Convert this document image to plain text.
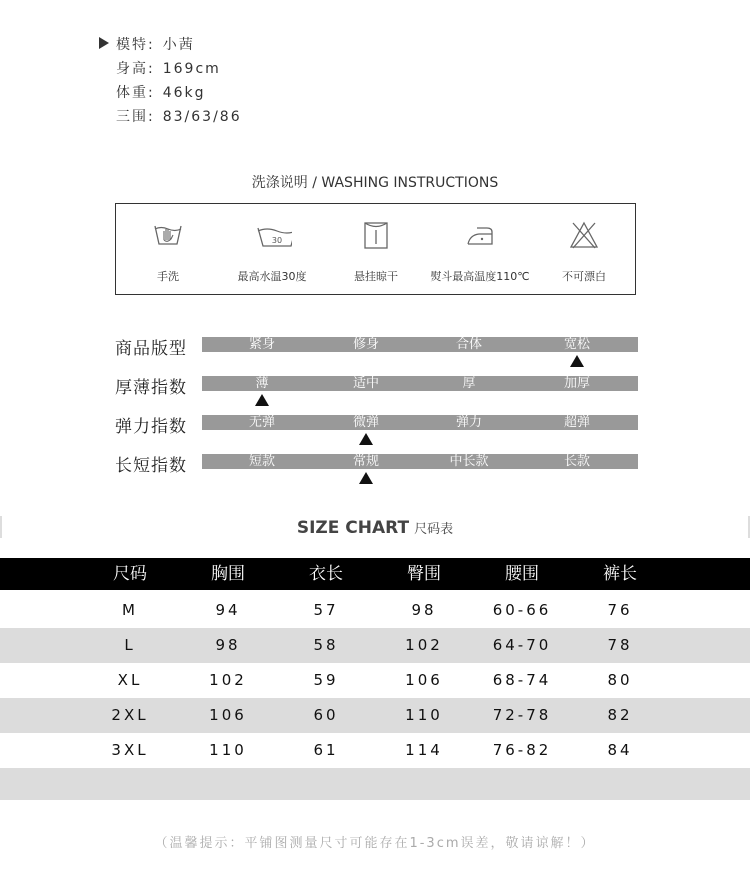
模特: 小茜
身高: 169cm
体重: 46kg
三围: 83/63/86
洗涤说明 / WASHING INSTRUCTIONS
手洗
30
最高水温30度	悬挂晾干	熨斗最高温度110℃	不可漂白
商品版型	紧身	修身	合体	宽松
厚薄指数	薄	适中	厚	加厚
弹力指数	无弹	微弹	弹力	超弹
长短指数	短款	常规	中长款	长款
SIZE CHART 尺码表
尺码	胸围	衣长	臀围	腰围	裤长
M	94	57	98	60-66	76
L	98	58	102	64-70	78
XL	102	59	106	68-74	80
2XL	106	60	110	72-78	82
3XL	110	61	114	76-82	84
（温馨提示：平铺图测量尺寸可能存在1-3cm误差，敬请谅解！）
